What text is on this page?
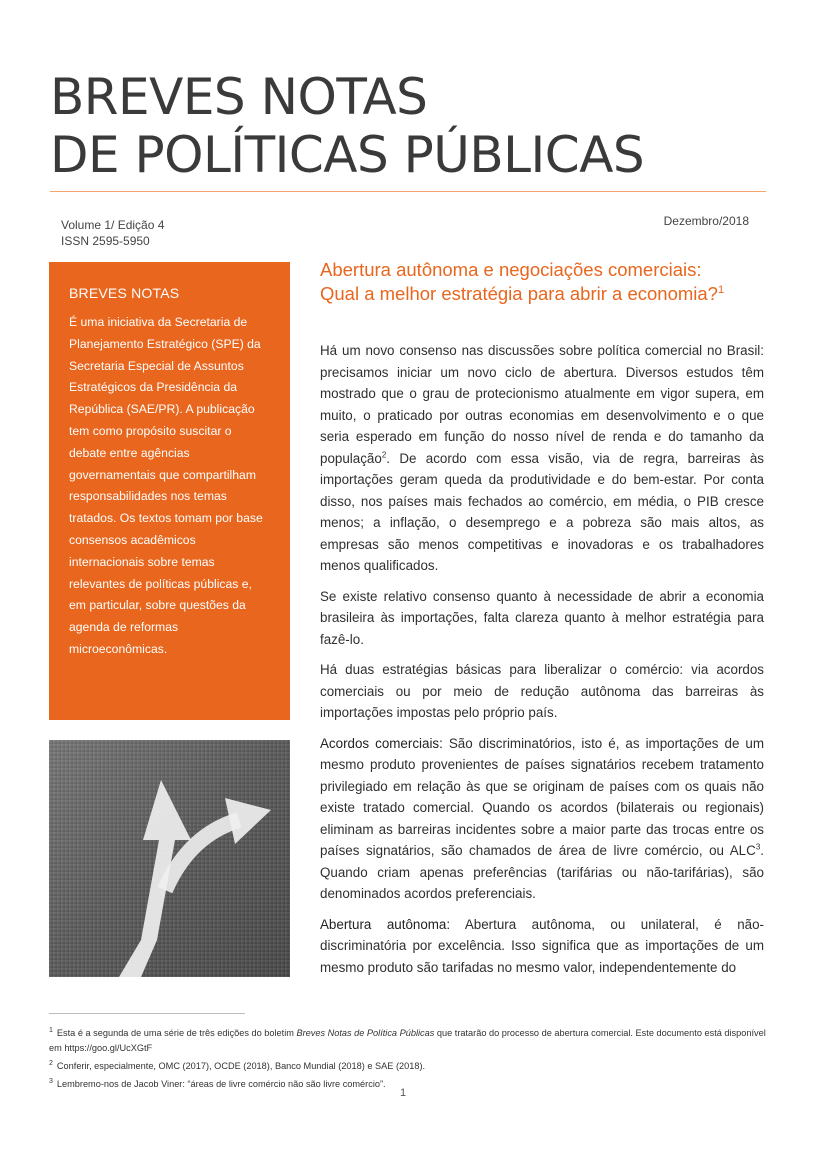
BREVES NOTAS
DE POLÍTICAS PÚBLICAS
Volume 1/ Edição 4
ISSN 2595-5950
Dezembro/2018
BREVES NOTAS

É uma iniciativa da Secretaria de Planejamento Estratégico (SPE) da Secretaria Especial de Assuntos Estratégicos da Presidência da República (SAE/PR). A publicação tem como propósito suscitar o debate entre agências governamentais que compartilham responsabilidades nos temas tratados. Os textos tomam por base consensos acadêmicos internacionais sobre temas relevantes de políticas públicas e, em particular, sobre questões da agenda de reformas microeconômicas.

Abertura autônoma e negociações comerciais:
Qual a melhor estratégia para abrir a economia?$^1$

Há um novo consenso nas discussões sobre política comercial no Brasil: precisamos iniciar um novo ciclo de abertura. Diversos estudos têm mostrado que o grau de protecionismo atualmente em vigor supera, em muito, o praticado por outras economias em desenvolvimento e o que seria esperado em função do nosso nível de renda e do tamanho da população$^2$. De acordo com essa visão, via de regra, barreiras às importações geram queda da produtividade e do bem-estar. Por conta disso, nos países mais fechados ao comércio, em média, o PIB cresce menos; a inflação, o desemprego e a pobreza são mais altos, as empresas são menos competitivas e inovadoras e os trabalhadores menos qualificados.

Se existe relativo consenso quanto à necessidade de abrir a economia brasileira às importações, falta clareza quanto à melhor estratégia para fazê-lo.

Há duas estratégias básicas para liberalizar o comércio: via acordos comerciais ou por meio de redução autônoma das barreiras às importações impostas pelo próprio país.

Acordos comerciais: São discriminatórios, isto é, as importações de um mesmo produto provenientes de países signatários recebem tratamento privilegiado em relação às que se originam de países com os quais não existe tratado comercial. Quando os acordos (bilaterais ou regionais) eliminam as barreiras incidentes sobre a maior parte das trocas entre os países signatários, são chamados de área de livre comércio, ou ALC$^3$. Quando criam apenas preferências (tarifárias ou não-tarifárias), são denominados acordos preferenciais.

Abertura autônoma: Abertura autônoma, ou unilateral, é não-discriminatória por excelência. Isso significa que as importações de um mesmo produto são tarifadas no mesmo valor, independentemente do

$^1$ Esta é a segunda de uma série de três edições do boletim Breves Notas de Política Públicas que tratarão do processo de abertura comercial. Este documento está disponível em https://goo.gl/UcXGtF
$^2$ Conferir, especialmente, OMC (2017), OCDE (2018), Banco Mundial (2018) e SAE (2018).
$^3$ Lembremo-nos de Jacob Viner: “áreas de livre comércio não são livre comércio”.
1
